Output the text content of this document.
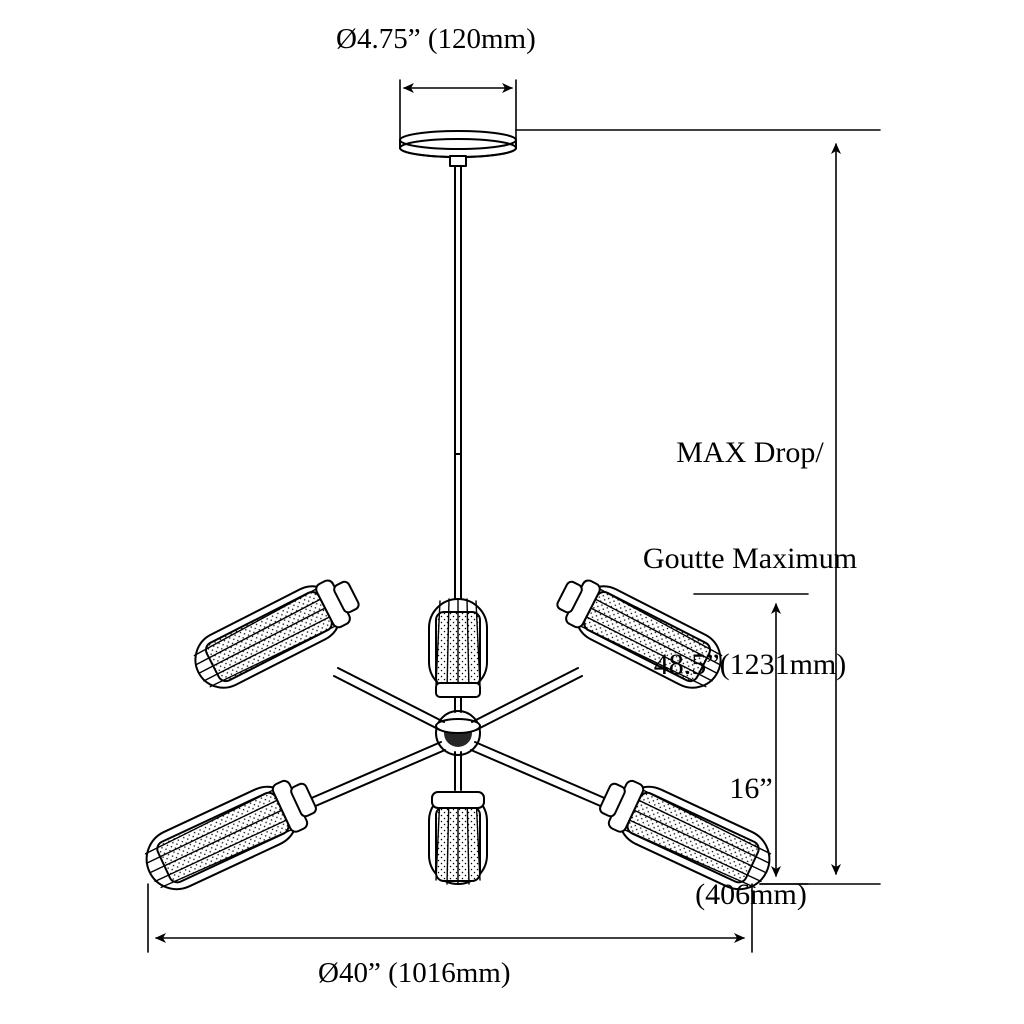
Ø4.75” (120mm)

MAX Drop/

Goutte Maximum

48.5”(1231mm)

16”

(406mm)

Ø40” (1016mm)
